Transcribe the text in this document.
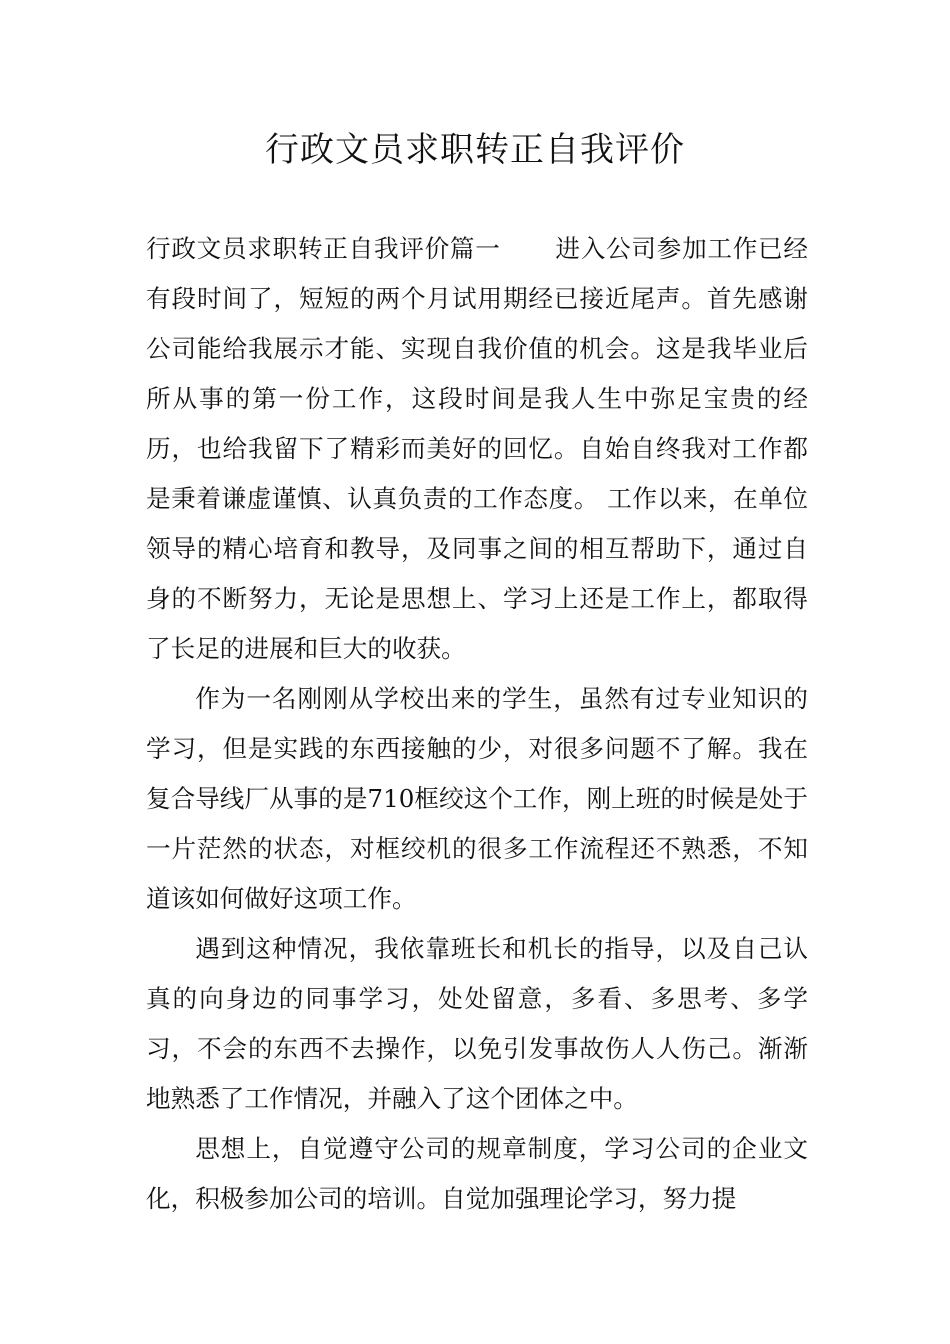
行政文员求职转正自我评价

行政文员求职转正自我评价篇一 进入公司参加工作已经有段时间了，短短的两个月试用期经已接近尾声。首先感谢公司能给我展示才能、实现自我价值的机会。这是我毕业后所从事的第一份工作，这段时间是我人生中弥足宝贵的经历，也给我留下了精彩而美好的回忆。自始自终我对工作都是秉着谦虚谨慎、认真负责的工作态度。 工作以来，在单位领导的精心培育和教导，及同事之间的相互帮助下，通过自身的不断努力，无论是思想上、学习上还是工作上，都取得了长足的进展和巨大的收获。

作为一名刚刚从学校出来的学生，虽然有过专业知识的学习，但是实践的东西接触的少，对很多问题不了解。我在复合导线厂从事的是710框绞这个工作，刚上班的时候是处于一片茫然的状态，对框绞机的很多工作流程还不熟悉，不知道该如何做好这项工作。

遇到这种情况，我依靠班长和机长的指导，以及自己认真的向身边的同事学习，处处留意，多看、多思考、多学习，不会的东西不去操作，以免引发事故伤人人伤己。渐渐地熟悉了工作情况，并融入了这个团体之中。

思想上，自觉遵守公司的规章制度，学习公司的企业文化，积极参加公司的培训。自觉加强理论学习，努力提
